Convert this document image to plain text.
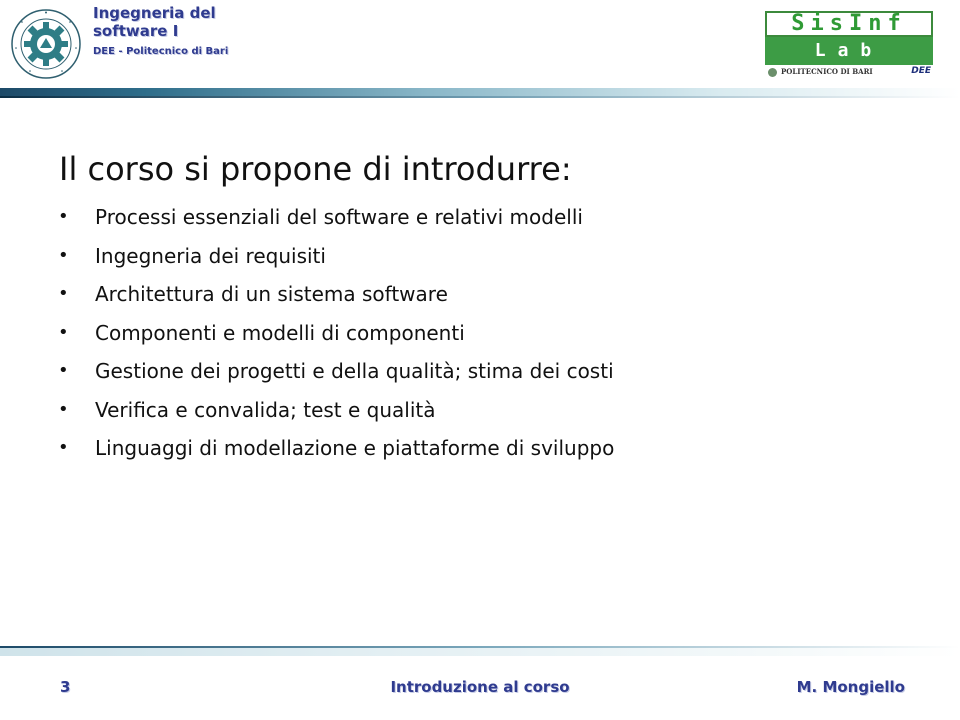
Ingegneria del software I
DEE - Politecnico di Bari
SisInf
Lab
POLITECNICO DI BARI	DEE
Il corso si propone di introdurre:
• Processi essenziali del software e relativi modelli
• Ingegneria dei requisiti
• Architettura di un sistema software
• Componenti e modelli di componenti
• Gestione dei progetti e della qualità; stima dei costi
• Verifica e convalida; test e qualità
• Linguaggi di modellazione e piattaforme di sviluppo
3	Introduzione al corso	M. Mongiello
